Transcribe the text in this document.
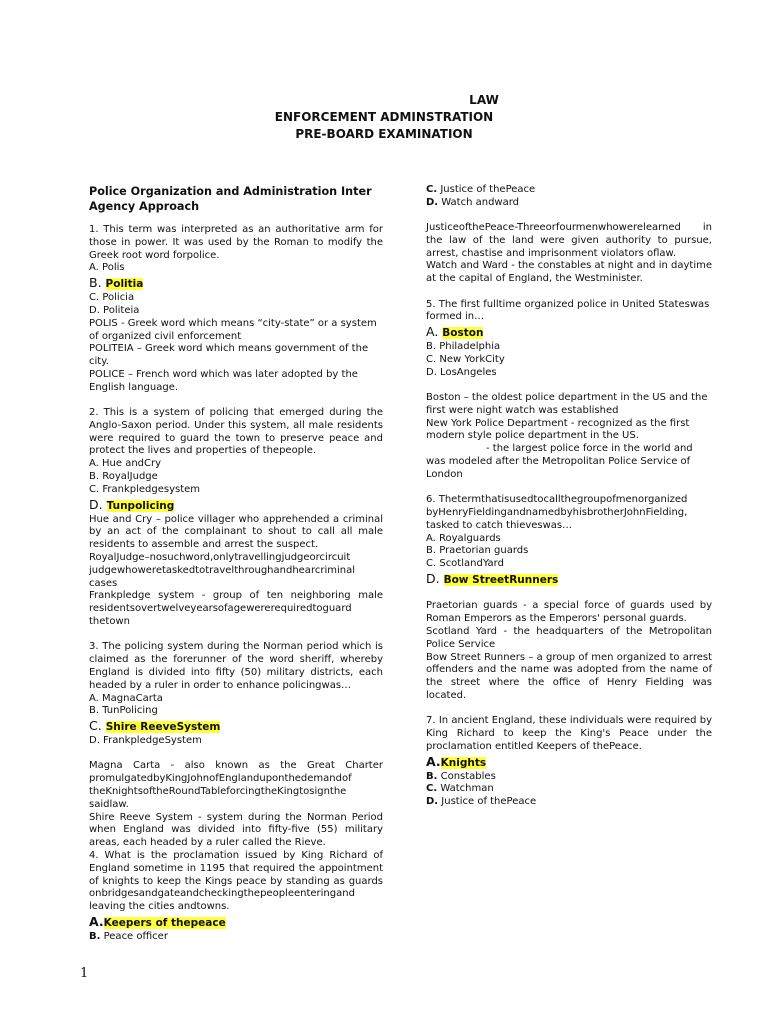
LAW
ENFORCEMENT ADMINSTRATION
PRE-BOARD EXAMINATION
Police Organization and Administration Inter Agency Approach

1. This term was interpreted as an authoritative arm for those in power. It was used by the Roman to modify the Greek root word forpolice.

A. Polis

B. Politia

C. Policia

D. Politeia

POLIS - Greek word which means “city-state” or a system of organized civil enforcement

POLITEIA – Greek word which means government of the city.

POLICE – French word which was later adopted by the English language.

2. This is a system of policing that emerged during the Anglo-Saxon period. Under this system, all male residents were required to guard the town to preserve peace and protect the lives and properties of thepeople.

A. Hue andCry

B. RoyalJudge

C. Frankpledgesystem

D. Tunpolicing

Hue and Cry – police villager who apprehended a criminal by an act of the complainant to shout to call all male residents to assemble and arrest the suspect.

RoyalJudge–nosuchword,onlytravellingjudgeorcircuit judgewhoweretaskedtotravelthroughandhearcriminal cases

Frankpledge system - group of ten neighboring male residentsovertwelveyearsofagewererequiredtoguard thetown

3. The policing system during the Norman period which is claimed as the forerunner of the word sheriff, whereby England is divided into fifty (50) military districts, each headed by a ruler in order to enhance policingwas…

A. MagnaCarta

B. TunPolicing

C. Shire ReeveSystem

D. FrankpledgeSystem

Magna Carta - also known as the Great Charter promulgatedbyKingJohnofEnglanduponthedemandof theKnightsoftheRoundTableforcingtheKingtosignthe saidlaw.

Shire Reeve System - system during the Norman Period when England was divided into fifty-five (55) military areas, each headed by a ruler called the Rieve.

4. What is the proclamation issued by King Richard of England sometime in 1195 that required the appointment of knights to keep the Kings peace by standing as guards onbridgesandgateandcheckingthepeopleenteringand leaving the cities andtowns.

A.Keepers of thepeace

B. Peace officer

C. Justice of thePeace

D. Watch andward

JusticeofthePeace-Threeorfourmenwhowerelearned in the law of the land were given authority to pursue, arrest, chastise and imprisonment violators oflaw.

Watch and Ward - the constables at night and in daytime at the capital of England, the Westminister.

5. The first fulltime organized police in United Stateswas formed in…

A. Boston

B. Philadelphia

C. New YorkCity

D. LosAngeles

Boston – the oldest police department in the US and the first were night watch was established

New York Police Department - recognized as the first modern style police department in the US.

- the largest police force in the world and was modeled after the Metropolitan Police Service of London

6. Thetermthatisusedtocallthegroupofmenorganized byHenryFieldingandnamedbyhisbrotherJohnFielding, tasked to catch thieveswas…

A. Royalguards

B. Praetorian guards

C. ScotlandYard

D. Bow StreetRunners

Praetorian guards - a special force of guards used by Roman Emperors as the Emperors' personal guards.

Scotland Yard - the headquarters of the Metropolitan Police Service

Bow Street Runners – a group of men organized to arrest offenders and the name was adopted from the name of the street where the office of Henry Fielding was located.

7. In ancient England, these individuals were required by King Richard to keep the King's Peace under the proclamation entitled Keepers of thePeace.

A.Knights

B. Constables

C. Watchman

D. Justice of thePeace

1
